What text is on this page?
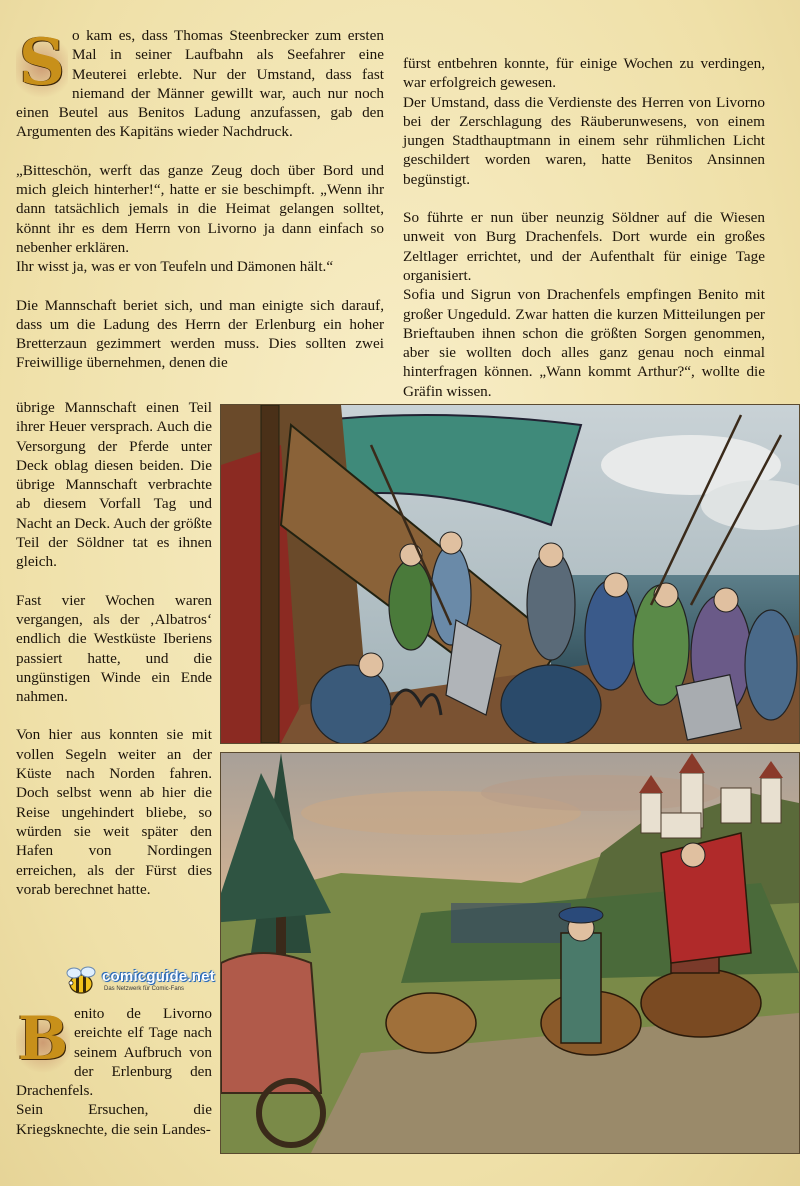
S o kam es, dass Thomas Steenbrecker zum ersten Mal in seiner Laufbahn als Seefahrer eine Meuterei erlebte. Nur der Umstand, dass fast niemand der Männer gewillt war, auch nur noch einen Beutel aus Benitos Ladung anzufassen, gab den Argumenten des Kapitäns wieder Nachdruck.

„Bitteschön, werft das ganze Zeug doch über Bord und mich gleich hinterher!“, hatte er sie beschimpft. „Wenn ihr dann tatsächlich jemals in die Heimat gelangen solltet, könnt ihr es dem Herrn von Livorno ja dann einfach so nebenher erklären.

Ihr wisst ja, was er von Teufeln und Dämonen hält.“

Die Mannschaft beriet sich, und man einigte sich darauf, dass um die Ladung des Herrn der Erlenburg ein hoher Bretterzaun gezimmert werden muss. Dies sollten zwei Freiwillige übernehmen, denen die

fürst entbehren konnte, für einige Wochen zu verdingen, war erfolgreich gewesen.

Der Umstand, dass die Verdienste des Herren von Livorno bei der Zerschlagung des Räuberunwesens, von einem jungen Stadthauptmann in einem sehr rühmlichen Licht geschildert worden waren, hatte Benitos Ansinnen begünstigt.

So führte er nun über neunzig Söldner auf die Wiesen unweit von Burg Drachenfels. Dort wurde ein großes Zeltlager errichtet, und der Aufenthalt für einige Tage organisiert.

Sofia und Sigrun von Drachenfels empfingen Benito mit großer Ungeduld. Zwar hatten die kurzen Mitteilungen per Brieftauben ihnen schon die größten Sorgen genommen, aber sie wollten doch alles ganz genau noch einmal hinterfragen können. „Wann kommt Arthur?“, wollte die Gräfin wissen.

übrige Mannschaft einen Teil ihrer Heuer versprach. Auch die Versorgung der Pferde unter Deck oblag diesen beiden. Die übrige Mannschaft verbrachte ab diesem Vorfall Tag und Nacht an Deck. Auch der größte Teil der Söldner tat es ihnen gleich.

Fast vier Wochen waren vergangen, als der ‚Albatros‘ endlich die Westküste Iberiens passiert hatte, und die ungünstigen Winde ein Ende nahmen.

Von hier aus konnten sie mit vollen Segeln weiter an der Küste nach Norden fahren. Doch selbst wenn ab hier die Reise ungehindert bliebe, so würden sie weit später den Hafen von Nordingen erreichen, als der Fürst dies vorab berechnet hatte.

comicguide.net
Das Netzwerk für Comic-Fans
B enito de Livorno ereichte elf Tage nach seinem Aufbruch von der Erlenburg den Drachenfels.

Sein Ersuchen, die Kriegsknechte, die sein Landes-
